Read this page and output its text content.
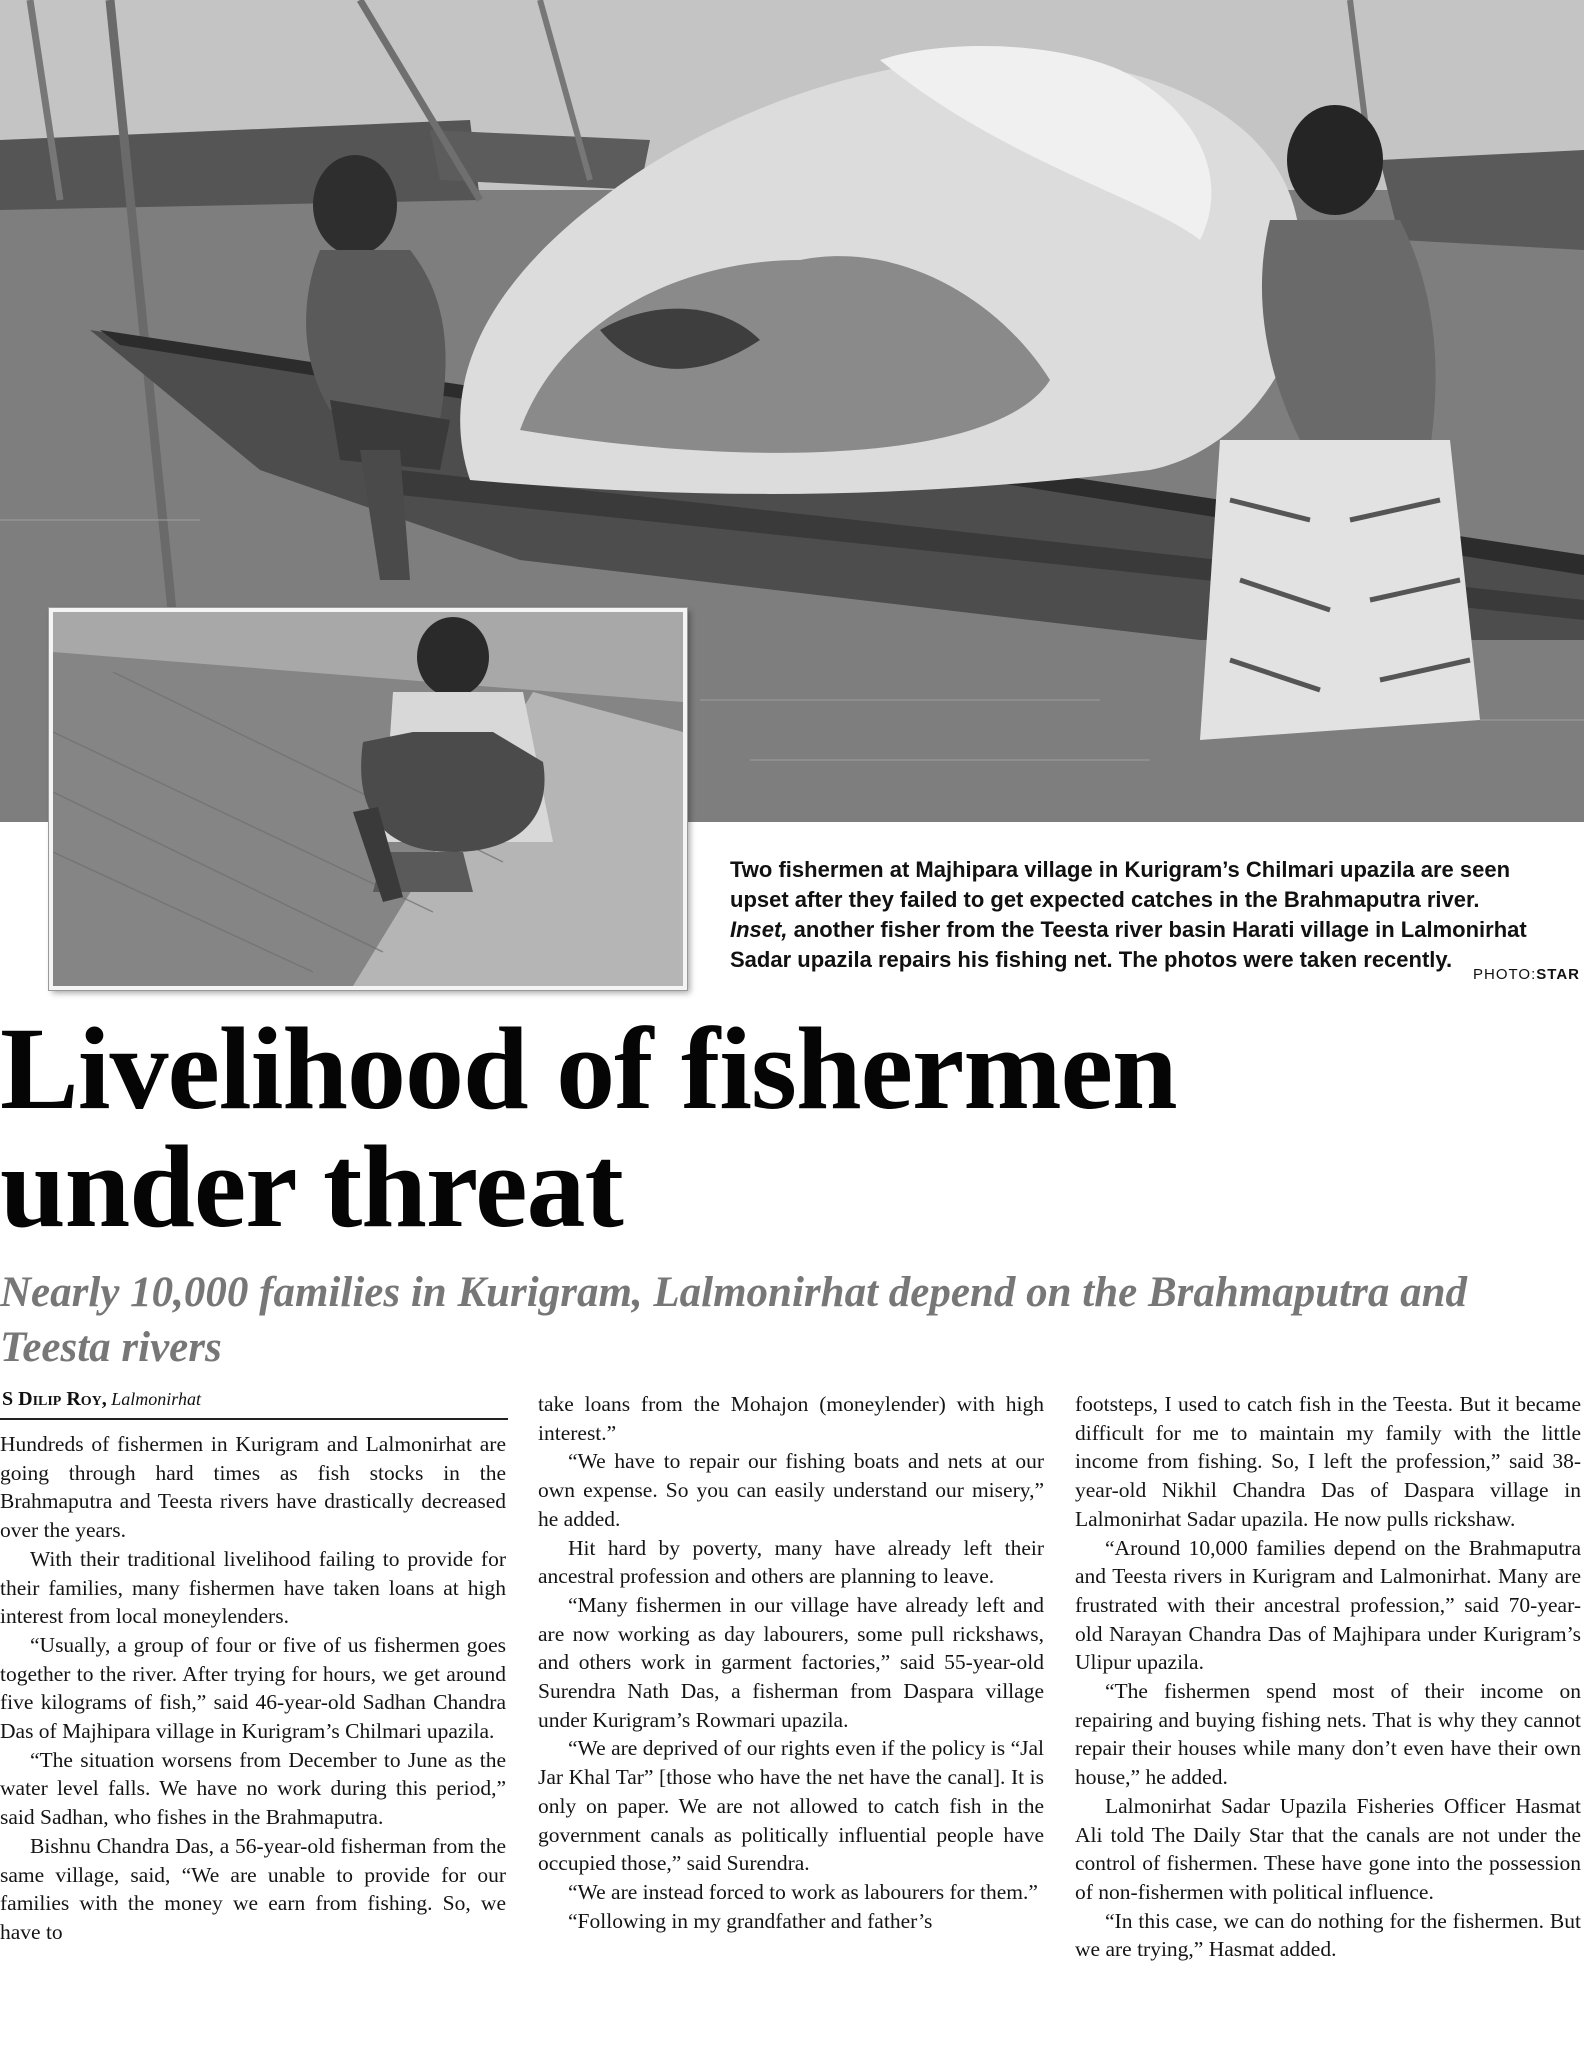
Two fishermen at Majhipara village in Kurigram’s Chilmari upazila are seen upset after they failed to get expected catches in the Brahmaputra river. Inset, another fisher from the Teesta river basin Harati village in Lalmonirhat Sadar upazila repairs his fishing net. The photos were taken recently.
PHOTO:STAR
Livelihood of fishermen
under threat
Nearly 10,000 families in Kurigram, Lalmonirhat depend on the Brahmaputra and Teesta rivers
S Dilip Roy, Lalmonirhat

Hundreds of fishermen in Kurigram and Lalmonirhat are going through hard times as fish stocks in the Brahmaputra and Teesta rivers have drastically decreased over the years.

With their traditional livelihood failing to provide for their families, many fishermen have taken loans at high interest from local moneylenders.

“Usually, a group of four or five of us fishermen goes together to the river. After trying for hours, we get around five kilograms of fish,” said 46-year-old Sadhan Chandra Das of Majhipara village in Kurigram’s Chilmari upazila.

“The situation worsens from December to June as the water level falls. We have no work during this period,” said Sadhan, who fishes in the Brahmaputra.

Bishnu Chandra Das, a 56-year-old fisherman from the same village, said, “We are unable to provide for our families with the money we earn from fishing. So, we have to

take loans from the Mohajon (moneylender) with high interest.”

“We have to repair our fishing boats and nets at our own expense. So you can easily understand our misery,” he added.

Hit hard by poverty, many have already left their ancestral profession and others are planning to leave.

“Many fishermen in our village have already left and are now working as day labourers, some pull rickshaws, and others work in garment factories,” said 55-year-old Surendra Nath Das, a fisherman from Daspara village under Kurigram’s Rowmari upazila.

“We are deprived of our rights even if the policy is “Jal Jar Khal Tar” [those who have the net have the canal]. It is only on paper. We are not allowed to catch fish in the government canals as politically influential people have occupied those,” said Surendra.

“We are instead forced to work as labourers for them.”

“Following in my grandfather and father’s

footsteps, I used to catch fish in the Teesta. But it became difficult for me to maintain my family with the little income from fishing. So, I left the profession,” said 38-year-old Nikhil Chandra Das of Daspara village in Lalmonirhat Sadar upazila. He now pulls rickshaw.

“Around 10,000 families depend on the Brahmaputra and Teesta rivers in Kurigram and Lalmonirhat. Many are frustrated with their ancestral profession,” said 70-year-old Narayan Chandra Das of Majhipara under Kurigram’s Ulipur upazila.

“The fishermen spend most of their income on repairing and buying fishing nets. That is why they cannot repair their houses while many don’t even have their own house,” he added.

Lalmonirhat Sadar Upazila Fisheries Officer Hasmat Ali told The Daily Star that the canals are not under the control of fishermen. These have gone into the possession of non-fishermen with political influence.

“In this case, we can do nothing for the fishermen. But we are trying,” Hasmat added.
